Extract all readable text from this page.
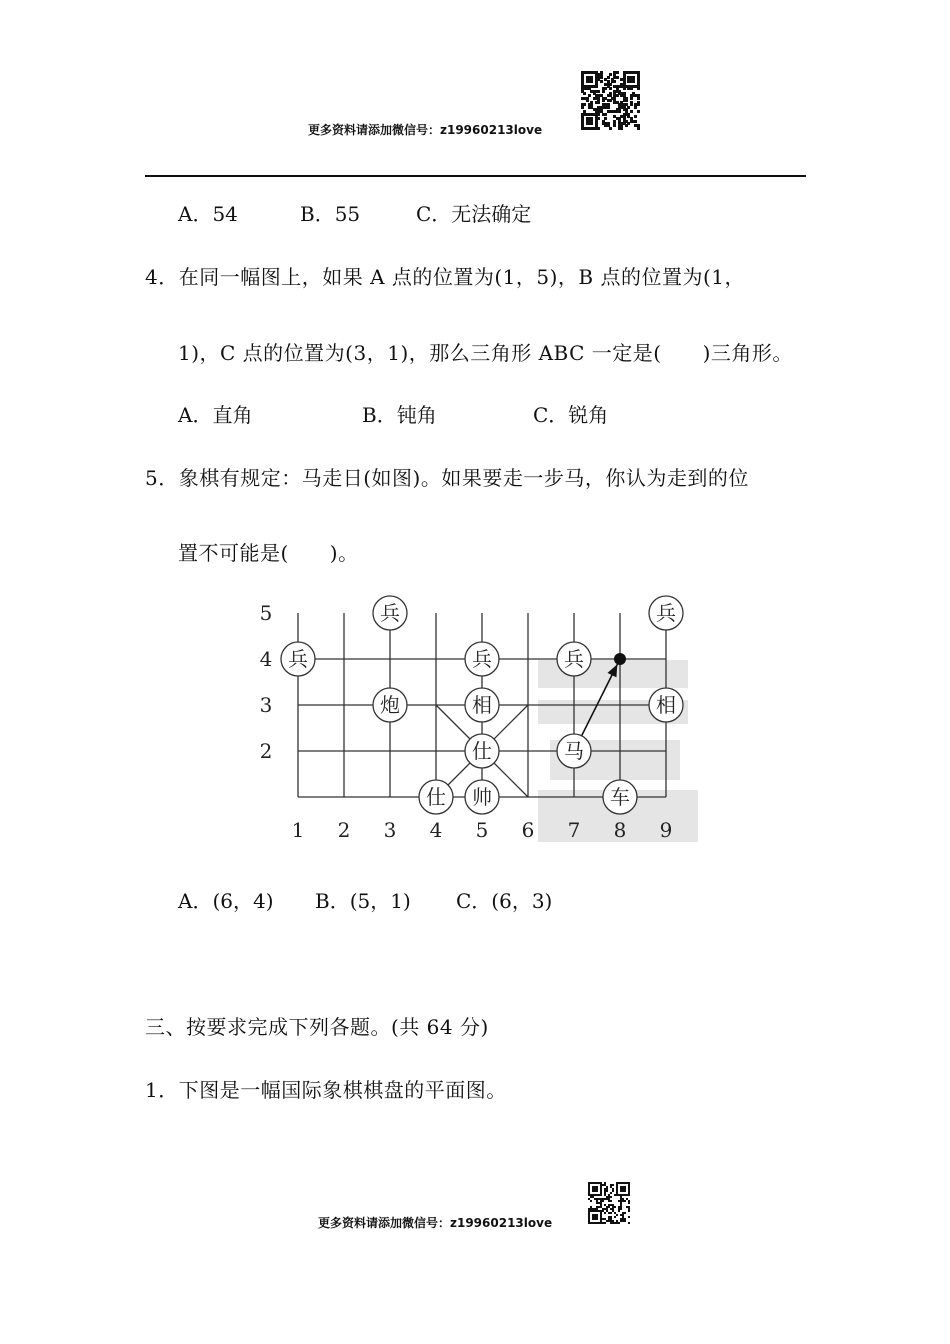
更多资料请添加微信号：z19960213love
A．54	B．55	C．无法确定
4．在同一幅图上，如果 A 点的位置为(1，5)，B 点的位置为(1，
1)，C 点的位置为(3，1)，那么三角形 ABC 一定是(　　)三角形。
A．直角	B．钝角	C．锐角
5．象棋有规定：马走日(如图)。如果要走一步马，你认为走到的位
置不可能是(　　)。
1 2 3 4 5 6 7 8 9
5
4
3
2
兵	兵
兵	兵	兵
炮	相	相
仕	马
仕 帅	车
A．(6，4) B．(5，1) C．(6，3)
三、按要求完成下列各题。(共 64 分)
1．下图是一幅国际象棋棋盘的平面图。
更多资料请添加微信号：z19960213love
